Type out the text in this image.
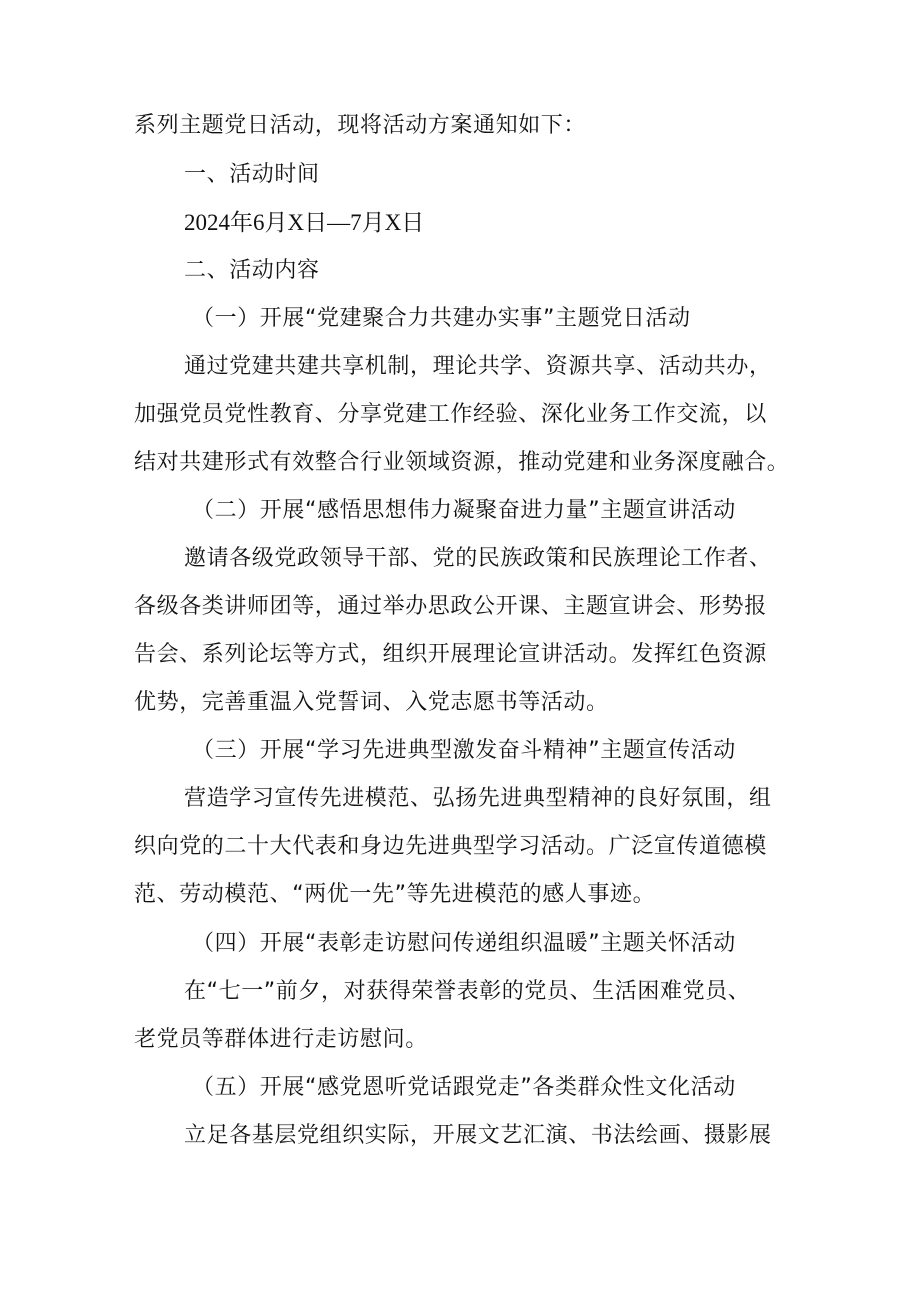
系列主题党日活动，现将活动方案通知如下：
一、活动时间
2024年6月X日—7月X日
二、活动内容
（一）开展“党建聚合力共建办实事”主题党日活动
通过党建共建共享机制，理论共学、资源共享、活动共办，
加强党员党性教育、分享党建工作经验、深化业务工作交流，以
结对共建形式有效整合行业领域资源，推动党建和业务深度融合。
（二）开展“感悟思想伟力凝聚奋进力量”主题宣讲活动
邀请各级党政领导干部、党的民族政策和民族理论工作者、
各级各类讲师团等，通过举办思政公开课、主题宣讲会、形势报
告会、系列论坛等方式，组织开展理论宣讲活动。发挥红色资源
优势，完善重温入党誓词、入党志愿书等活动。
（三）开展“学习先进典型激发奋斗精神”主题宣传活动
营造学习宣传先进模范、弘扬先进典型精神的良好氛围，组
织向党的二十大代表和身边先进典型学习活动。广泛宣传道德模
范、劳动模范、“两优一先”等先进模范的感人事迹。
（四）开展“表彰走访慰问传递组织温暖”主题关怀活动
在“七一”前夕，对获得荣誉表彰的党员、生活困难党员、
老党员等群体进行走访慰问。
（五）开展“感党恩听党话跟党走”各类群众性文化活动
立足各基层党组织实际，开展文艺汇演、书法绘画、摄影展
